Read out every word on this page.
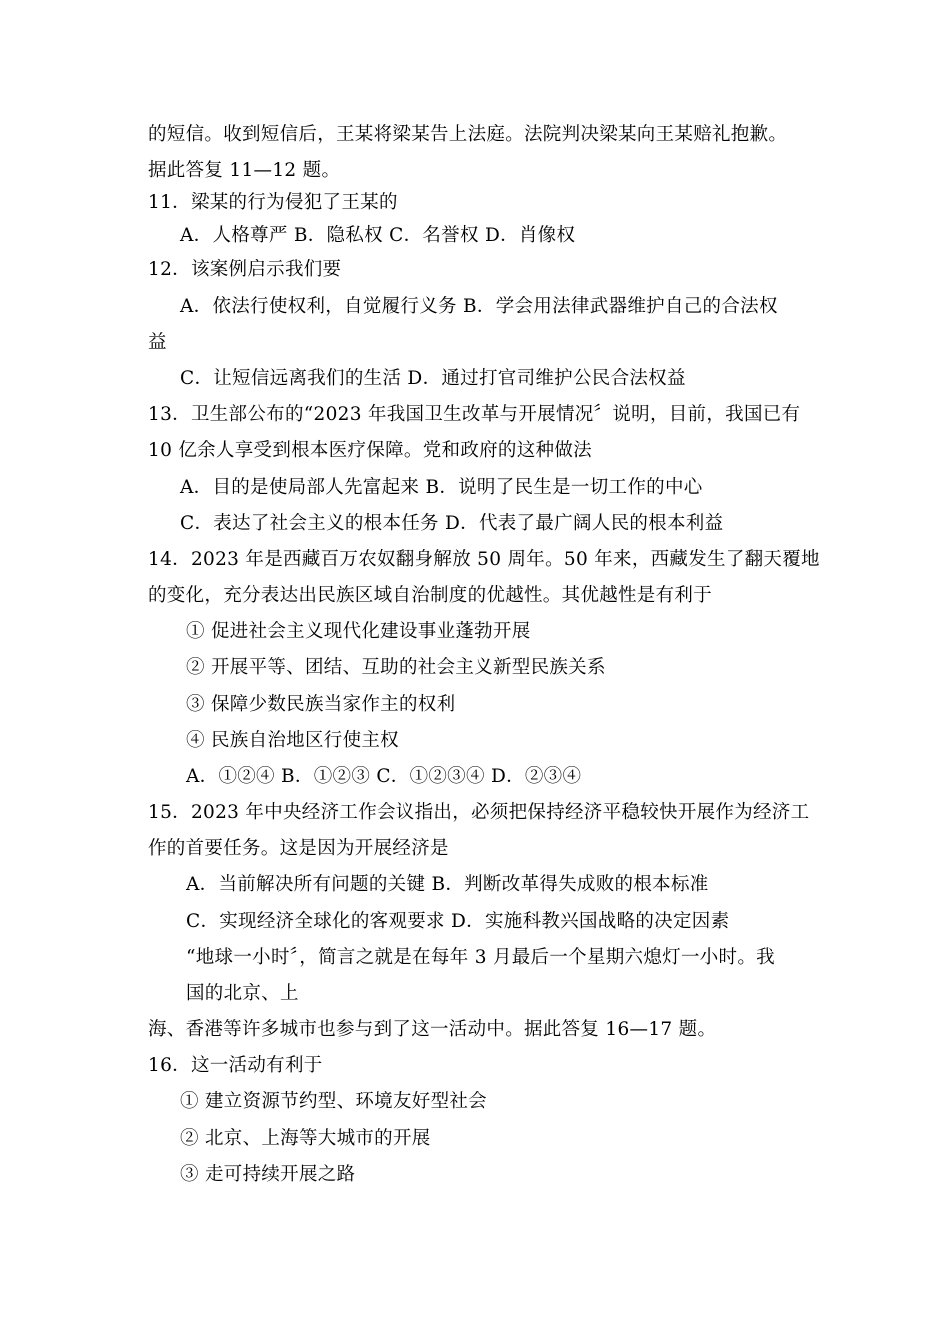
的短信。收到短信后，王某将梁某告上法庭。法院判决梁某向王某赔礼抱歉。
据此答复 11—12 题。
11．梁某的行为侵犯了王某的
A．人格尊严 B．隐私权 C．名誉权 D．肖像权
12．该案例启示我们要
A．依法行使权利，自觉履行义务 B．学会用法律武器维护自己的合法权
益
C．让短信远离我们的生活 D．通过打官司维护公民合法权益
13．卫生部公布的“2023 年我国卫生改革与开展情况〞说明，目前，我国已有
10 亿余人享受到根本医疗保障。党和政府的这种做法
A．目的是使局部人先富起来 B．说明了民生是一切工作的中心
C．表达了社会主义的根本任务 D．代表了最广阔人民的根本利益
14．2023 年是西藏百万农奴翻身解放 50 周年。50 年来，西藏发生了翻天覆地
的变化，充分表达出民族区域自治制度的优越性。其优越性是有利于
① 促进社会主义现代化建设事业蓬勃开展
② 开展平等、团结、互助的社会主义新型民族关系
③ 保障少数民族当家作主的权利
④ 民族自治地区行使主权
A．①②④ B．①②③ C．①②③④ D．②③④
15．2023 年中央经济工作会议指出，必须把保持经济平稳较快开展作为经济工
作的首要任务。这是因为开展经济是
A．当前解决所有问题的关键 B．判断改革得失成败的根本标准
C．实现经济全球化的客观要求 D．实施科教兴国战略的决定因素
“地球一小时〞，简言之就是在每年 3 月最后一个星期六熄灯一小时。我
国的北京、上
海、香港等许多城市也参与到了这一活动中。据此答复 16—17 题。
16．这一活动有利于
① 建立资源节约型、环境友好型社会
② 北京、上海等大城市的开展
③ 走可持续开展之路
